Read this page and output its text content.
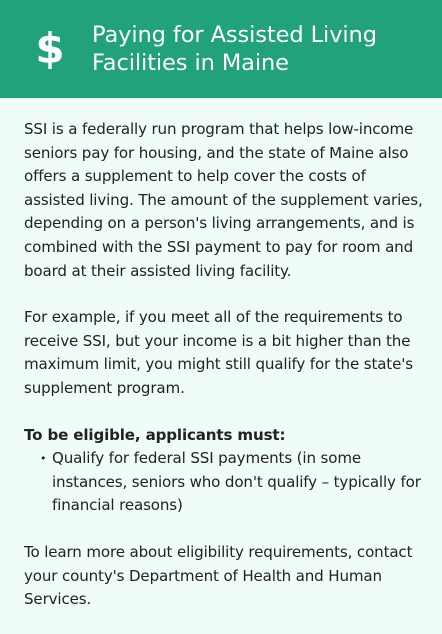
$ Paying for Assisted Living
Facilities in Maine

SSI is a federally run program that helps low-income seniors pay for housing, and the state of Maine also offers a supplement to help cover the costs of assisted living. The amount of the supplement varies, depending on a person's living arrangements, and is combined with the SSI payment to pay for room and board at their assisted living facility.

For example, if you meet all of the requirements to receive SSI, but your income is a bit higher than the maximum limit, you might still qualify for the state's supplement program.

To be eligible, applicants must:

• Qualify for federal SSI payments (in some instances, seniors who don't qualify – typically for financial reasons)

To learn more about eligibility requirements, contact your county's Department of Health and Human Services.
